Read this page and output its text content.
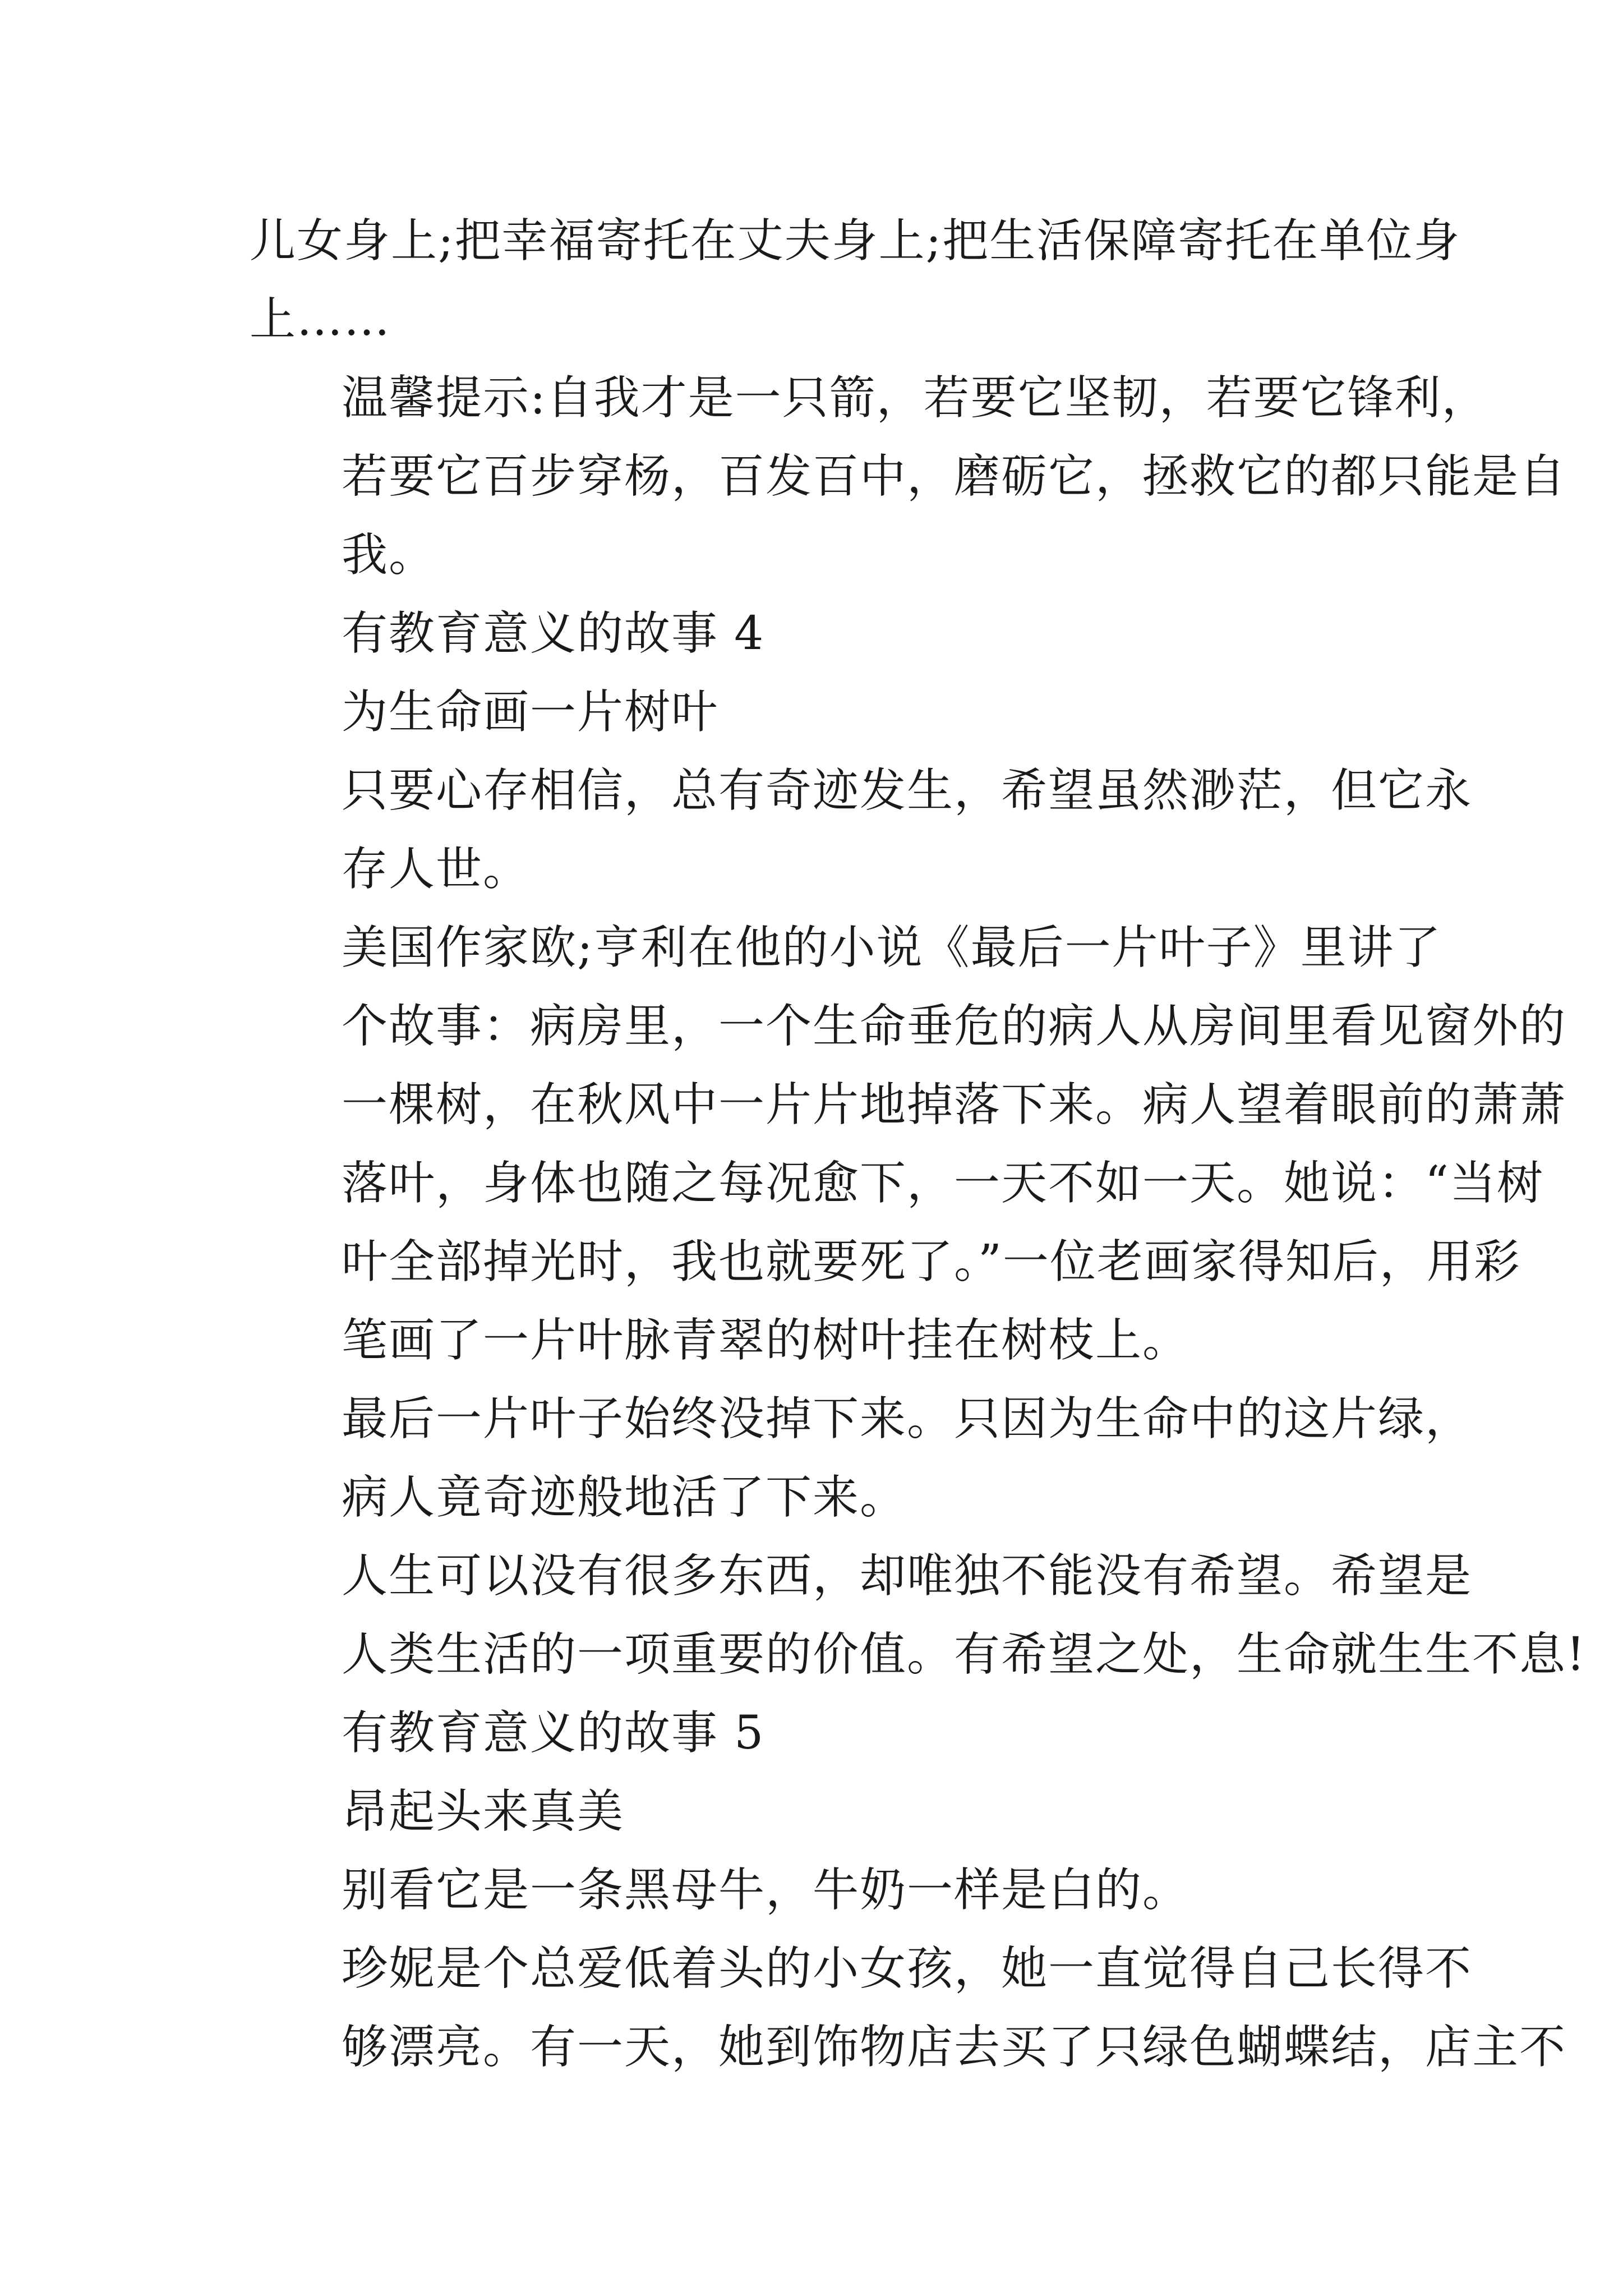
儿女身上;把幸福寄托在丈夫身上;把生活保障寄托在单位身
上……

温馨提示:自我才是一只箭，若要它坚韧，若要它锋利，
若要它百步穿杨，百发百中，磨砺它，拯救它的都只能是自
我。

有教育意义的故事 4

为生命画一片树叶

只要心存相信，总有奇迹发生，希望虽然渺茫，但它永
存人世。

美国作家欧;亨利在他的小说《最后一片叶子》里讲了
个故事：病房里，一个生命垂危的病人从房间里看见窗外的
一棵树，在秋风中一片片地掉落下来。病人望着眼前的萧萧
落叶，身体也随之每况愈下，一天不如一天。她说：“当树
叶全部掉光时，我也就要死了。”一位老画家得知后，用彩
笔画了一片叶脉青翠的树叶挂在树枝上。

最后一片叶子始终没掉下来。只因为生命中的这片绿，
病人竟奇迹般地活了下来。

人生可以没有很多东西，却唯独不能没有希望。希望是
人类生活的一项重要的价值。有希望之处，生命就生生不息!

有教育意义的故事 5

昂起头来真美

别看它是一条黑母牛，牛奶一样是白的。

珍妮是个总爱低着头的小女孩，她一直觉得自己长得不
够漂亮。有一天，她到饰物店去买了只绿色蝴蝶结，店主不
